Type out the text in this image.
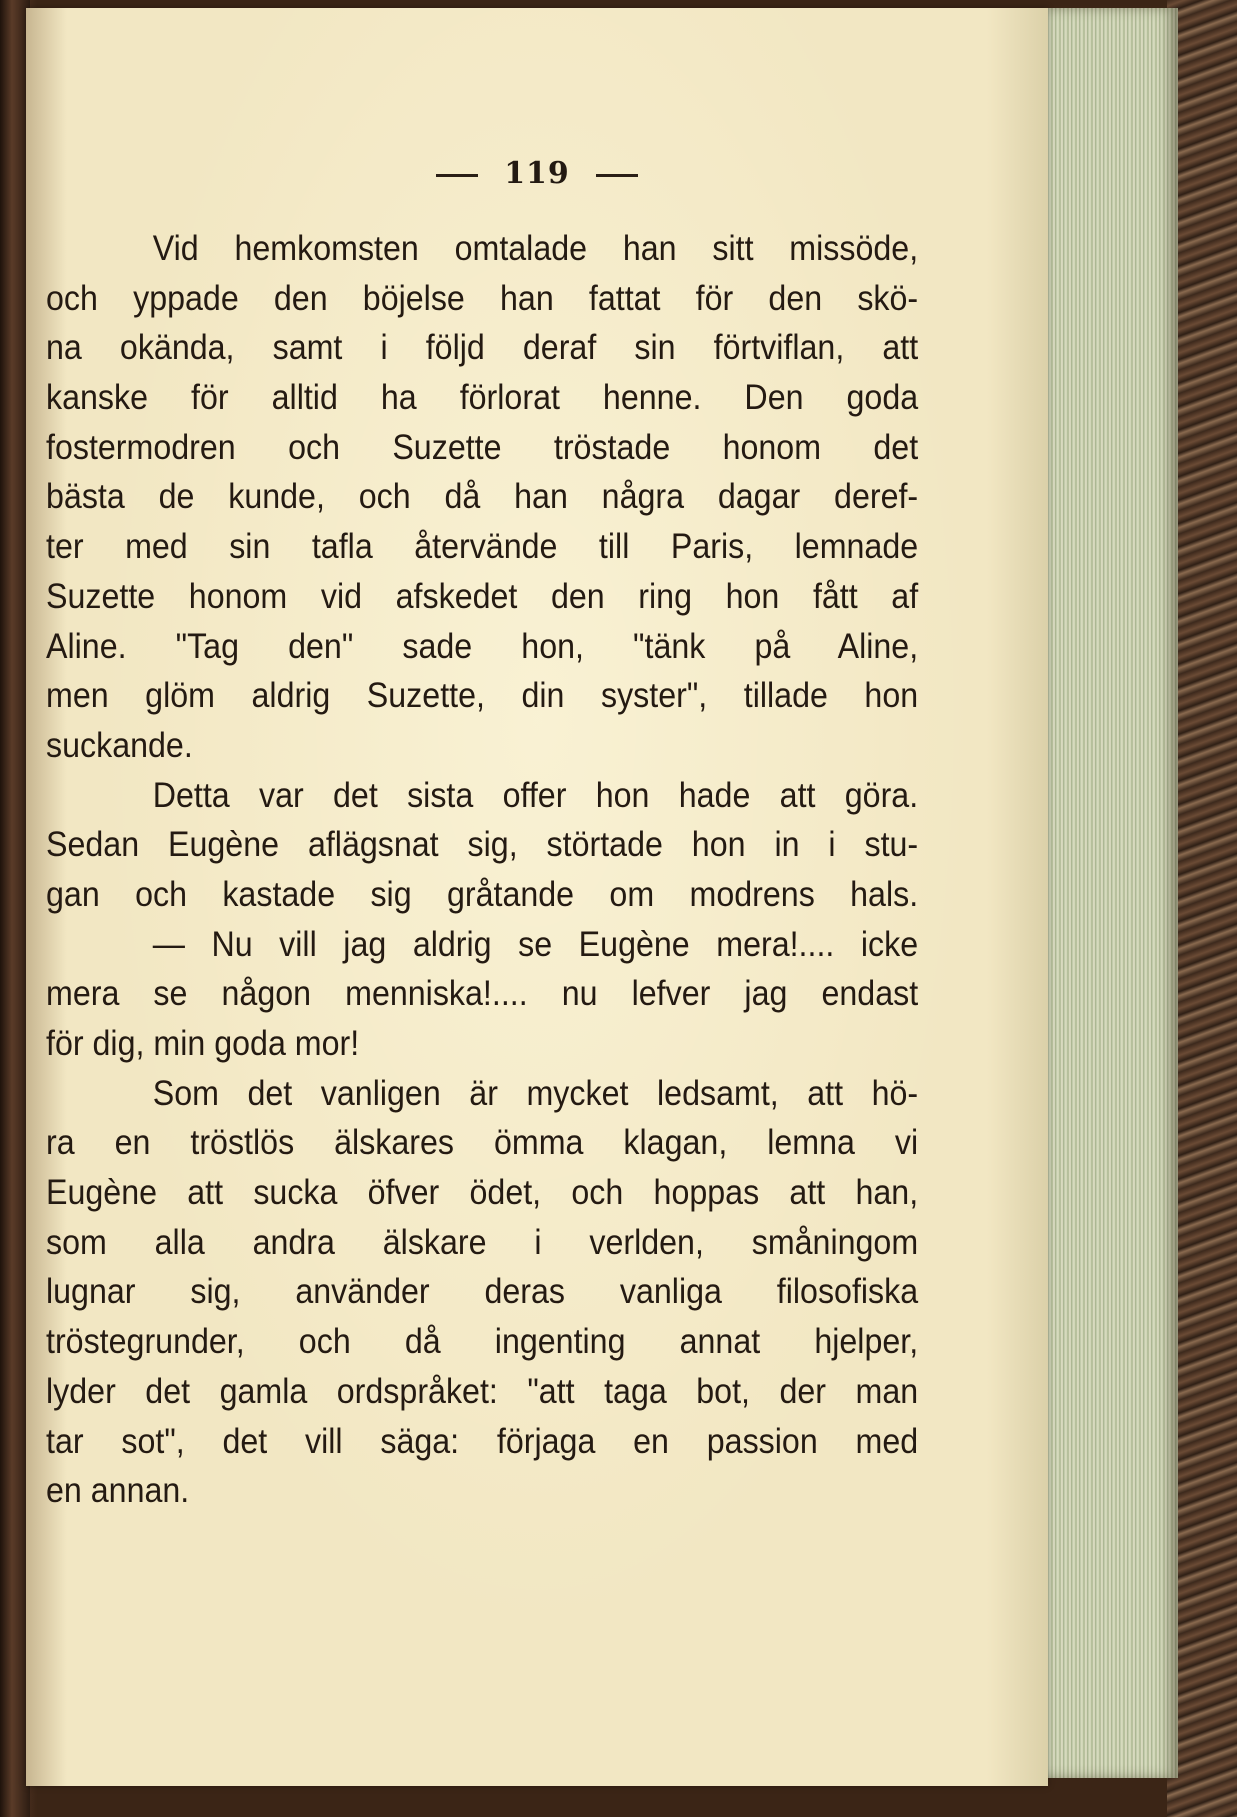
119
Vid hemkomsten omtalade han sitt missöde,
och yppade den böjelse han fattat för den skö-
na okända, samt i följd deraf sin förtviflan, att
kanske för alltid ha förlorat henne. Den goda
fostermodren och Suzette tröstade honom det
bästa de kunde, och då han några dagar deref-
ter med sin tafla återvände till Paris, lemnade
Suzette honom vid afskedet den ring hon fått af
Aline. "Tag den" sade hon, "tänk på Aline,
men glöm aldrig Suzette, din syster", tillade hon
suckande.
Detta var det sista offer hon hade att göra.
Sedan Eugène aflägsnat sig, störtade hon in i stu-
gan och kastade sig gråtande om modrens hals.
— Nu vill jag aldrig se Eugène mera!.... icke
mera se någon menniska!.... nu lefver jag endast
för dig, min goda mor!
Som det vanligen är mycket ledsamt, att hö-
ra en tröstlös älskares ömma klagan, lemna vi
Eugène att sucka öfver ödet, och hoppas att han,
som alla andra älskare i verlden, småningom
lugnar sig, använder deras vanliga filosofiska
tröstegrunder, och då ingenting annat hjelper,
lyder det gamla ordspråket: "att taga bot, der man
tar sot", det vill säga: förjaga en passion med
en annan.
